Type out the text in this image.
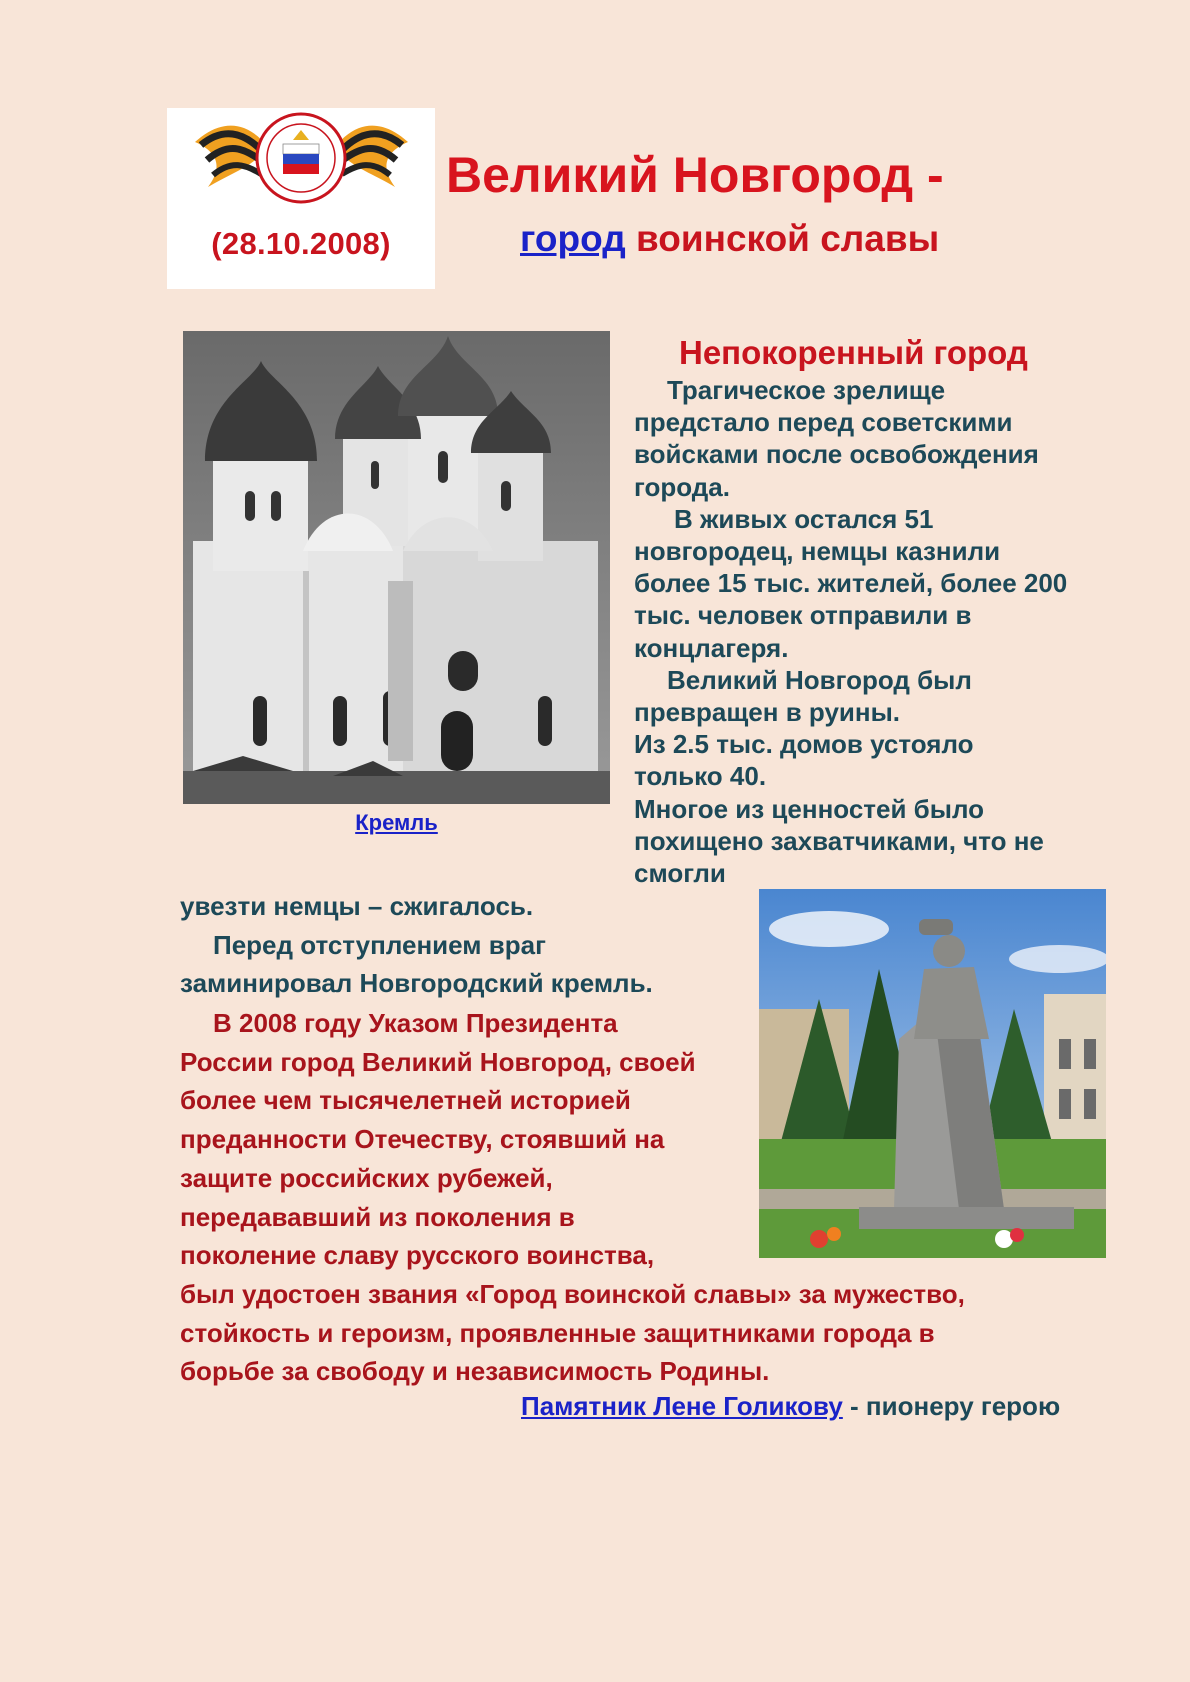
(28.10.2008)
Великий Новгород -
город воинской славы
Кремль
Непокоренный город
Трагическое зрелище
предстало перед советскими
войсками после освобождения
города.
В живых остался 51
новгородец, немцы казнили
более 15 тыс. жителей, более 200
тыс. человек отправили в
концлагеря.
Великий Новгород был
превращен в руины.
Из 2.5 тыс. домов устояло
только 40.
Многое из ценностей было
похищено захватчиками, что не
смогли
увезти немцы – сжигалось.
Перед отступлением враг
заминировал Новгородский кремль.
В 2008 году Указом Президента
России город Великий Новгород, своей
более чем тысячелетней историей
преданности Отечеству, стоявший на
защите российских рубежей,
передававший из поколения в
поколение славу русского воинства,
был удостоен звания «Город воинской славы» за мужество,
стойкость и героизм, проявленные защитниками города в
борьбе за свободу и независимость Родины.
Памятник Лене Голикову - пионеру герою
